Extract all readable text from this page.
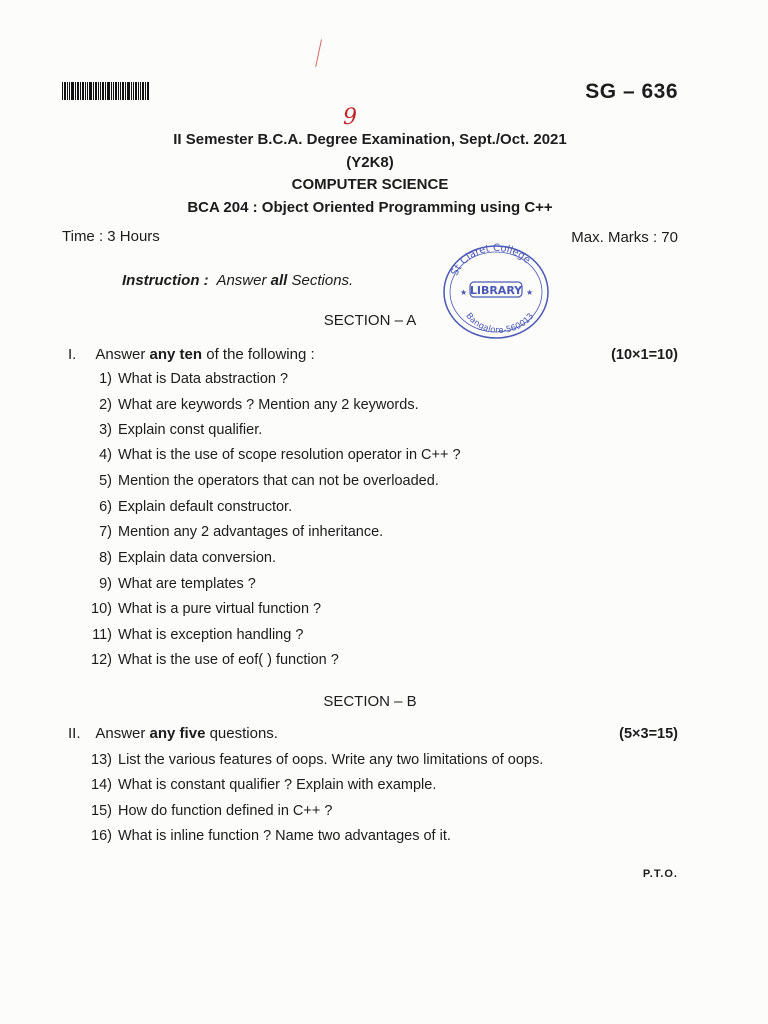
SG – 636
9
II Semester B.C.A. Degree Examination, Sept./Oct. 2021
(Y2K8)
COMPUTER SCIENCE
BCA 204 : Object Oriented Programming using C++
Time : 3 Hours	Max. Marks : 70
Instruction : Answer all Sections.	St Claret College
LIBRARY
★	★
Bangalore-560013
SECTION – A
I. Answer any ten of the following :	(10×1=10)
1) What is Data abstraction ?
2) What are keywords ? Mention any 2 keywords.
3) Explain const qualifier.
4) What is the use of scope resolution operator in C++ ?
5) Mention the operators that can not be overloaded.
6) Explain default constructor.
7) Mention any 2 advantages of inheritance.
8) Explain data conversion.
9) What are templates ?
10) What is a pure virtual function ?
11) What is exception handling ?
12) What is the use of eof( ) function ?
SECTION – B
II. Answer any five questions.	(5×3=15)
13) List the various features of oops. Write any two limitations of oops.
14) What is constant qualifier ? Explain with example.
15) How do function defined in C++ ?
16) What is inline function ? Name two advantages of it.
P.T.O.
